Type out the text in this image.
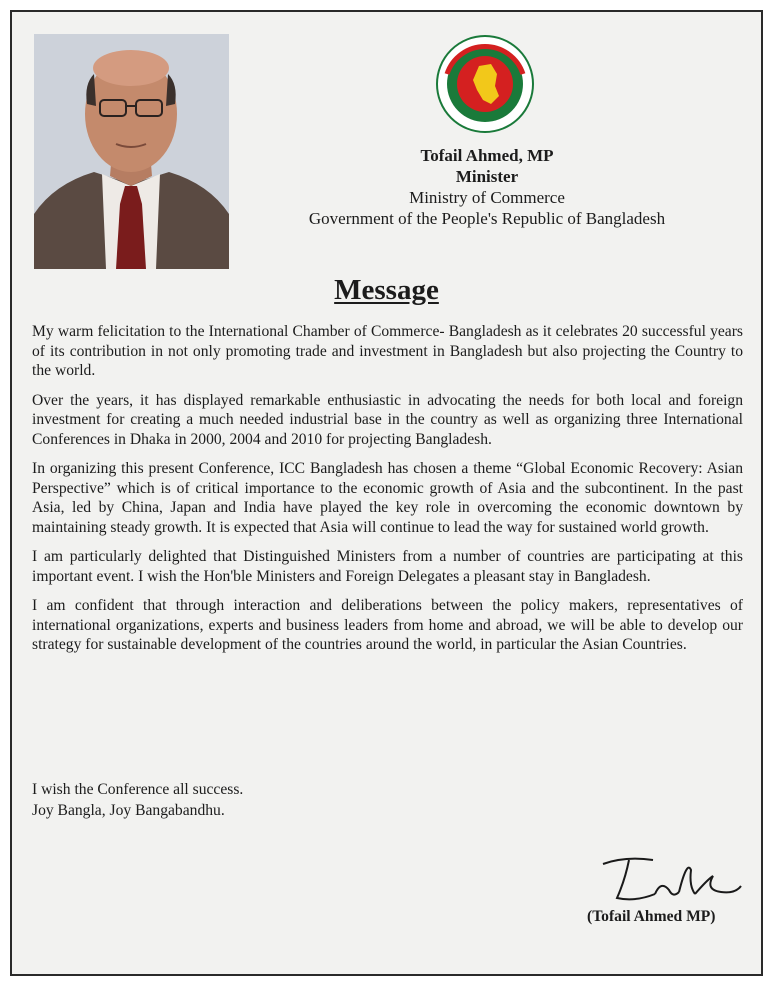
Tofail Ahmed, MP
Minister
Ministry of Commerce
Government of the People's Republic of Bangladesh
Message

My warm felicitation to the International Chamber of Commerce- Bangladesh as it celebrates 20 successful years of its contribution in not only promoting trade and investment in Bangladesh but also projecting the Country to the world.

Over the years, it has displayed remarkable enthusiastic in advocating the needs for both local and foreign investment for creating a much needed industrial base in the country as well as organizing three International Conferences in Dhaka in 2000, 2004 and 2010 for projecting Bangladesh.

In organizing this present Conference, ICC Bangladesh has chosen a theme “Global Economic Recovery: Asian Perspective” which is of critical importance to the economic growth of Asia and the subcontinent. In the past Asia, led by China, Japan and India have played the key role in overcoming the economic downtown by maintaining steady growth. It is expected that Asia will continue to lead the way for sustained world growth.

I am particularly delighted that Distinguished Ministers from a number of countries are participating at this important event. I wish the Hon'ble Ministers and Foreign Delegates a pleasant stay in Bangladesh.

I am confident that through interaction and deliberations between the policy makers, representatives of international organizations, experts and business leaders from home and abroad, we will be able to develop our strategy for sustainable development of the countries around the world, in particular the Asian Countries.

I wish the Conference all success.
Joy Bangla, Joy Bangabandhu.
(Tofail Ahmed MP)
